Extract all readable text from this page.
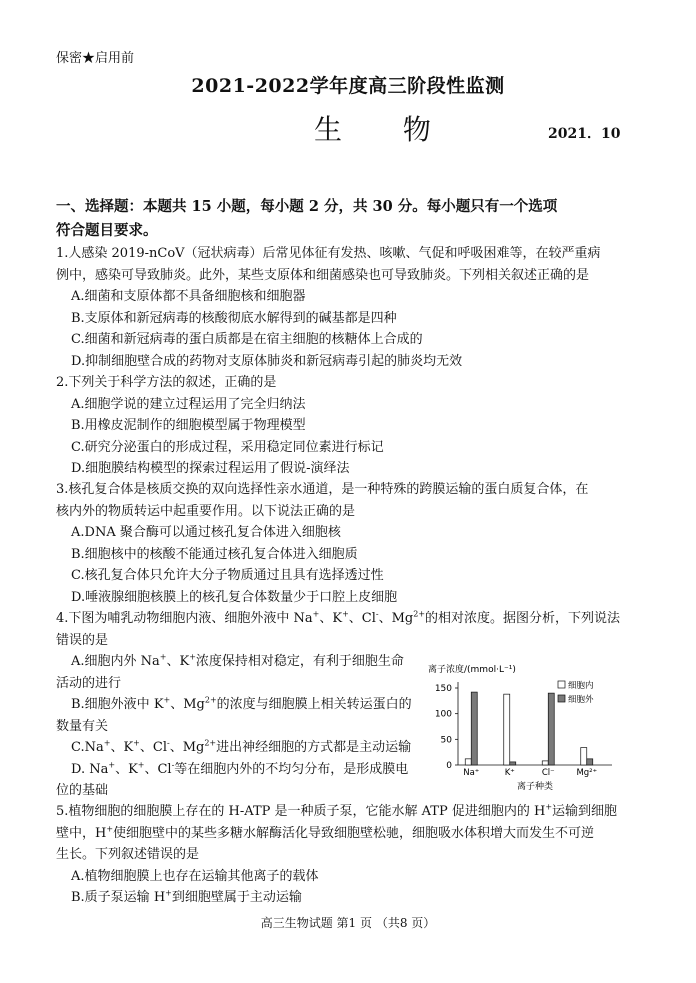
保密★启用前
2021-2022学年度高三阶段性监测
生 物	2021．10
一、选择题：本题共 15 小题，每小题 2 分，共 30 分。每小题只有一个选项
符合题目要求。
1.人感染 2019-nCoV（冠状病毒）后常见体征有发热、咳嗽、气促和呼吸困难等，在较严重病
例中，感染可导致肺炎。此外，某些支原体和细菌感染也可导致肺炎。下列相关叙述正确的是
A.细菌和支原体都不具备细胞核和细胞器
B.支原体和新冠病毒的核酸彻底水解得到的碱基都是四种
C.细菌和新冠病毒的蛋白质都是在宿主细胞的核糖体上合成的
D.抑制细胞壁合成的药物对支原体肺炎和新冠病毒引起的肺炎均无效
2.下列关于科学方法的叙述，正确的是
A.细胞学说的建立过程运用了完全归纳法
B.用橡皮泥制作的细胞模型属于物理模型
C.研究分泌蛋白的形成过程，采用稳定同位素进行标记
D.细胞膜结构模型的探索过程运用了假说-演绎法
3.核孔复合体是核质交换的双向选择性亲水通道，是一种特殊的跨膜运输的蛋白质复合体，在
核内外的物质转运中起重要作用。以下说法正确的是
A.DNA 聚合酶可以通过核孔复合体进入细胞核
B.细胞核中的核酸不能通过核孔复合体进入细胞质
C.核孔复合体只允许大分子物质通过且具有选择透过性
D.唾液腺细胞核膜上的核孔复合体数量少于口腔上皮细胞
4.下图为哺乳动物细胞内液、细胞外液中 Na+、K+、Cl-、$Mg^{2+}$的相对浓度。据图分析，下列说法
错误的是
A.细胞内外 Na+、K+浓度保持相对稳定，有利于细胞生命
活动的进行
B.细胞外液中 K+、$Mg^{2+}$的浓度与细胞膜上相关转运蛋白的
数量有关
C.Na+、K+、Cl-、$Mg^{2+}$进出神经细胞的方式都是主动运输
D. Na+、K+、Cl-等在细胞内外的不均匀分布，是形成膜电
位的基础
离子浓度/(mmol·L⁻¹)
0
50
100
150
Na⁺	K⁺	Cl⁻	Mg²⁺
细胞内
细胞外
离子种类
5.植物细胞的细胞膜上存在的 H-ATP 是一种质子泵，它能水解 ATP 促进细胞内的 H+运输到细胞
壁中，H+使细胞壁中的某些多糖水解酶活化导致细胞壁松驰，细胞吸水体积增大而发生不可逆
生长。下列叙述错误的是
A.植物细胞膜上也存在运输其他离子的载体
B.质子泵运输 H+到细胞壁属于主动运输
高三生物试题 第1 页 （共8 页）
